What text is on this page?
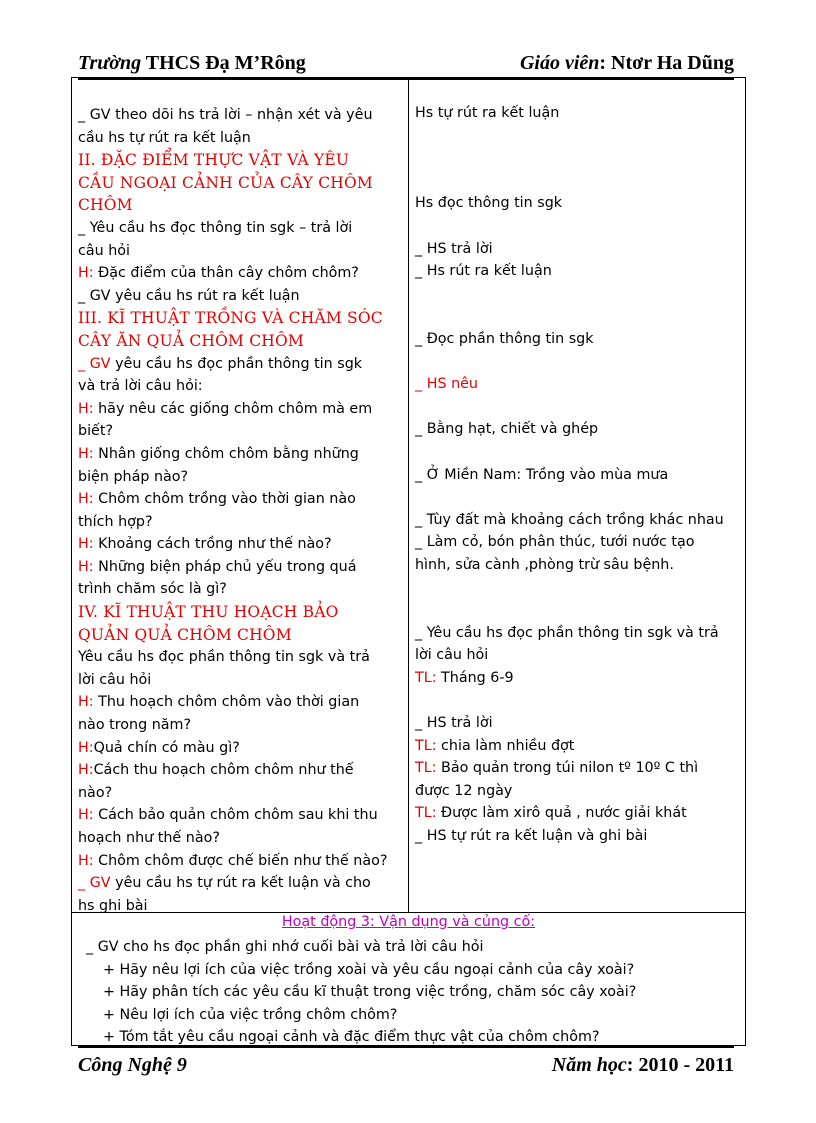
Trường THCS Đạ M’Rông	Giáo viên: Ntơr Ha Dũng
_ GV theo dõi hs trả lời – nhận xét và yêu
cầu hs tự rút ra kết luận
II. ĐẶC ĐIỂM THỰC VẬT VÀ YÊU
CẦU NGOẠI CẢNH CỦA CÂY CHÔM
CHÔM
_ Yêu cầu hs đọc thông tin sgk – trả lời
câu hỏi
H: Đặc điểm của thân cây chôm chôm?
_ GV yêu cầu hs rút ra kết luận
III. KĨ THUẬT TRỒNG VÀ CHĂM SÓC
CÂY ĂN QUẢ CHÔM CHÔM
_ GV yêu cầu hs đọc phần thông tin sgk
và trả lời câu hỏi:
H: hãy nêu các giống chôm chôm mà em
biết?
H: Nhân giống chôm chôm bằng những
biện pháp nào?
H: Chôm chôm trồng vào thời gian nào
thích hợp?
H: Khoảng cách trồng như thế nào?
H: Những biện pháp chủ yếu trong quá
trình chăm sóc là gì?
IV. KĨ THUẬT THU HOẠCH BẢO
QUẢN QUẢ CHÔM CHÔM
Yêu cầu hs đọc phần thông tin sgk và trả
lời câu hỏi
H: Thu hoạch chôm chôm vào thời gian
nào trong năm?
H:Quả chín có màu gì?
H:Cách thu hoạch chôm chôm như thế
nào?
H: Cách bảo quản chôm chôm sau khi thu
hoạch như thế nào?
H: Chôm chôm được chế biến như thế nào?
_ GV yêu cầu hs tự rút ra kết luận và cho
hs ghi bài
Hs tự rút ra kết luận
Hs đọc thông tin sgk
_ HS trả lời
_ Hs rút ra kết luận
_ Đọc phần thông tin sgk
_ HS nêu
_ Bằng hạt, chiết và ghép
_ Ở Miền Nam: Trồng vào mùa mưa
_ Tùy đất mà khoảng cách trồng khác nhau
_ Làm cỏ, bón phân thúc, tưới nước tạo
hình, sửa cành ,phòng trừ sâu bệnh.
_ Yêu cầu hs đọc phần thông tin sgk và trả
lời câu hỏi
TL: Tháng 6-9
_ HS trả lời
TL: chia làm nhiều đợt
TL: Bảo quản trong túi nilon tº 10º C thì
được 12 ngày
TL: Được làm xirô quả , nước giải khát
_ HS tự rút ra kết luận và ghi bài
Hoạt động 3: Vận dụng và củng cố:
_ GV cho hs đọc phần ghi nhớ cuối bài và trả lời câu hỏi
+ Hãy nêu lợi ích của việc trồng xoài và yêu cầu ngoại cảnh của cây xoài?
+ Hãy phân tích các yêu cầu kĩ thuật trong việc trồng, chăm sóc cây xoài?
+ Nêu lợi ích của việc trồng chôm chôm?
+ Tóm tắt yêu cầu ngoại cảnh và đặc điểm thực vật của chôm chôm?
Công Nghệ 9	Năm học: 2010 - 2011
